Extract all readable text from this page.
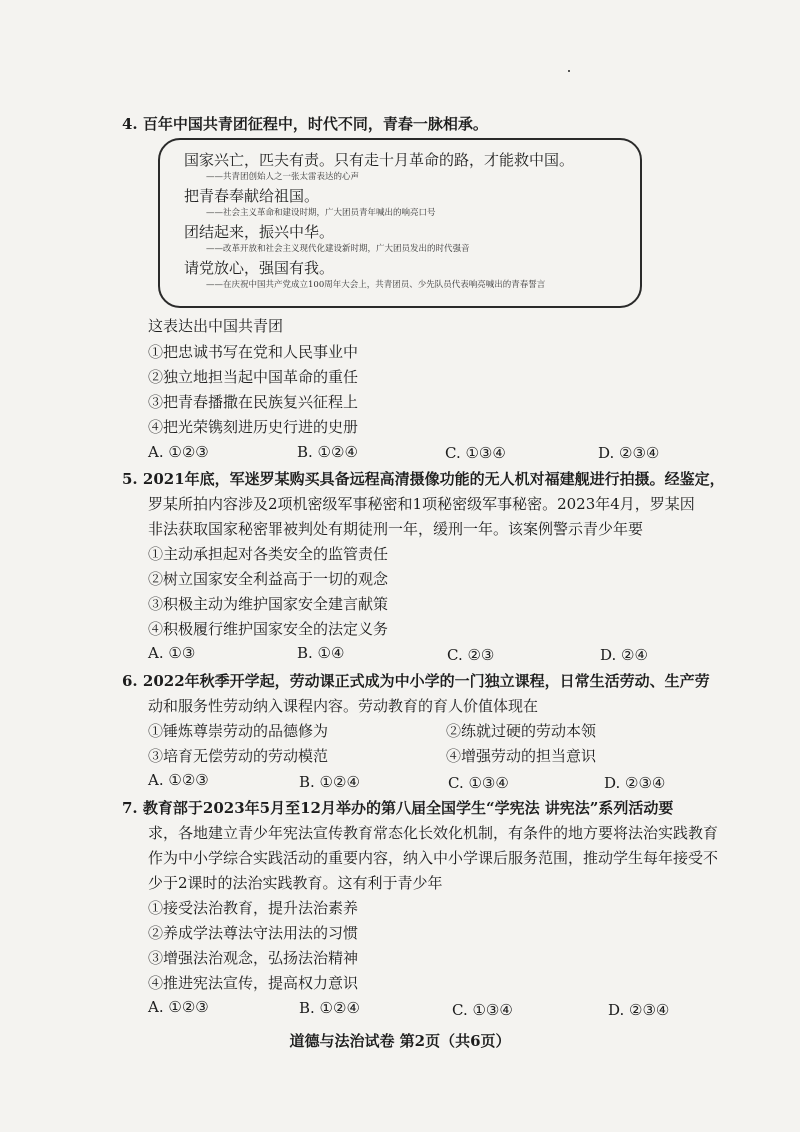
4. 百年中国共青团征程中，时代不同，青春一脉相承。
国家兴亡，匹夫有责。只有走十月革命的路，才能救中国。
——共青团创始人之一张太雷表达的心声
把青春奉献给祖国。
——社会主义革命和建设时期，广大团员青年喊出的响亮口号
团结起来，振兴中华。
——改革开放和社会主义现代化建设新时期，广大团员发出的时代强音
请党放心，强国有我。
——在庆祝中国共产党成立100周年大会上，共青团员、少先队员代表响亮喊出的青春誓言
这表达出中国共青团
①把忠诚书写在党和人民事业中
②独立地担当起中国革命的重任
③把青春播撒在民族复兴征程上
④把光荣镌刻进历史行进的史册
A. ①②③	B. ①②④	C. ①③④	D. ②③④
5. 2021年底，军迷罗某购买具备远程高清摄像功能的无人机对福建舰进行拍摄。经鉴定，
罗某所拍内容涉及2项机密级军事秘密和1项秘密级军事秘密。2023年4月，罗某因
非法获取国家秘密罪被判处有期徒刑一年，缓刑一年。该案例警示青少年要
①主动承担起对各类安全的监管责任
②树立国家安全利益高于一切的观念
③积极主动为维护国家安全建言献策
④积极履行维护国家安全的法定义务
A. ①③	B. ①④	C. ②③	D. ②④
6. 2022年秋季开学起，劳动课正式成为中小学的一门独立课程，日常生活劳动、生产劳
动和服务性劳动纳入课程内容。劳动教育的育人价值体现在
①锤炼尊崇劳动的品德修为	②练就过硬的劳动本领
③培育无偿劳动的劳动模范	④增强劳动的担当意识
A. ①②③	B. ①②④	C. ①③④	D. ②③④
7. 教育部于2023年5月至12月举办的第八届全国学生“学宪法 讲宪法”系列活动要
求，各地建立青少年宪法宣传教育常态化长效化机制，有条件的地方要将法治实践教育
作为中小学综合实践活动的重要内容，纳入中小学课后服务范围，推动学生每年接受不
少于2课时的法治实践教育。这有利于青少年
①接受法治教育，提升法治素养
②养成学法尊法守法用法的习惯
③增强法治观念，弘扬法治精神
④推进宪法宣传，提高权力意识
A. ①②③	B. ①②④	C. ①③④	D. ②③④
道德与法治试卷 第2页（共6页）
